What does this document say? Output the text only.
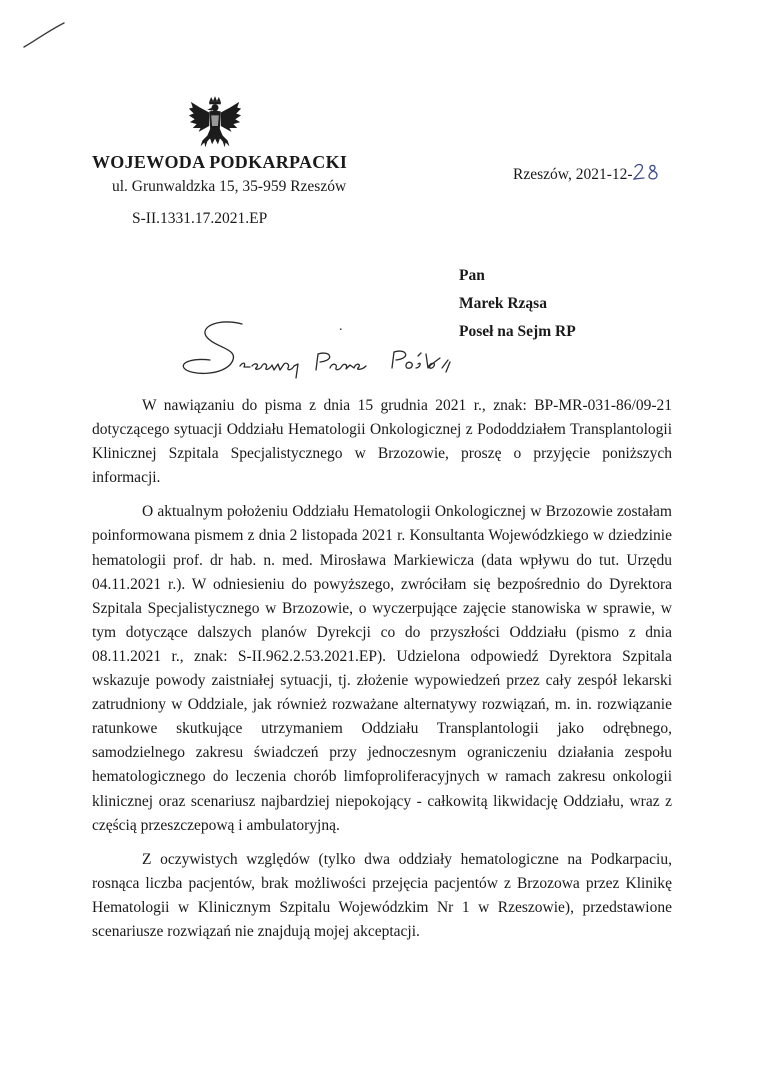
WOJEWODA PODKARPACKI
ul. Grunwaldzka 15, 35-959 Rzeszów
S-II.1331.17.2021.EP
Rzeszów, 2021-12-
Pan
Marek Rząsa
Poseł na Sejm RP
.

W nawiązaniu do pisma z dnia 15 grudnia 2021 r., znak: BP-MR-031-86/09-21 dotyczącego sytuacji Oddziału Hematologii Onkologicznej z Pododdziałem Transplantologii Klinicznej Szpitala Specjalistycznego w Brzozowie, proszę o przyjęcie poniższych informacji.

O aktualnym położeniu Oddziału Hematologii Onkologicznej w Brzozowie zostałam poinformowana pismem z dnia 2 listopada 2021 r. Konsultanta Wojewódzkiego w dziedzinie hematologii prof. dr hab. n. med. Mirosława Markiewicza (data wpływu do tut. Urzędu 04.11.2021 r.). W odniesieniu do powyższego, zwróciłam się bezpośrednio do Dyrektora Szpitala Specjalistycznego w Brzozowie, o wyczerpujące zajęcie stanowiska w sprawie, w tym dotyczące dalszych planów Dyrekcji co do przyszłości Oddziału (pismo z dnia 08.11.2021 r., znak: S-II.962.2.53.2021.EP). Udzielona odpowiedź Dyrektora Szpitala wskazuje powody zaistniałej sytuacji, tj. złożenie wypowiedzeń przez cały zespół lekarski zatrudniony w Oddziale, jak również rozważane alternatywy rozwiązań, m. in. rozwiązanie ratunkowe skutkujące utrzymaniem Oddziału Transplantologii jako odrębnego, samodzielnego zakresu świadczeń przy jednoczesnym ograniczeniu działania zespołu hematologicznego do leczenia chorób limfoproliferacyjnych w ramach zakresu onkologii klinicznej oraz scenariusz najbardziej niepokojący - całkowitą likwidację Oddziału, wraz z częścią przeszczepową i ambulatoryjną.

Z oczywistych względów (tylko dwa oddziały hematologiczne na Podkarpaciu, rosnąca liczba pacjentów, brak możliwości przejęcia pacjentów z Brzozowa przez Klinikę Hematologii w Klinicznym Szpitalu Wojewódzkim Nr 1 w Rzeszowie), przedstawione scenariusze rozwiązań nie znajdują mojej akceptacji.
